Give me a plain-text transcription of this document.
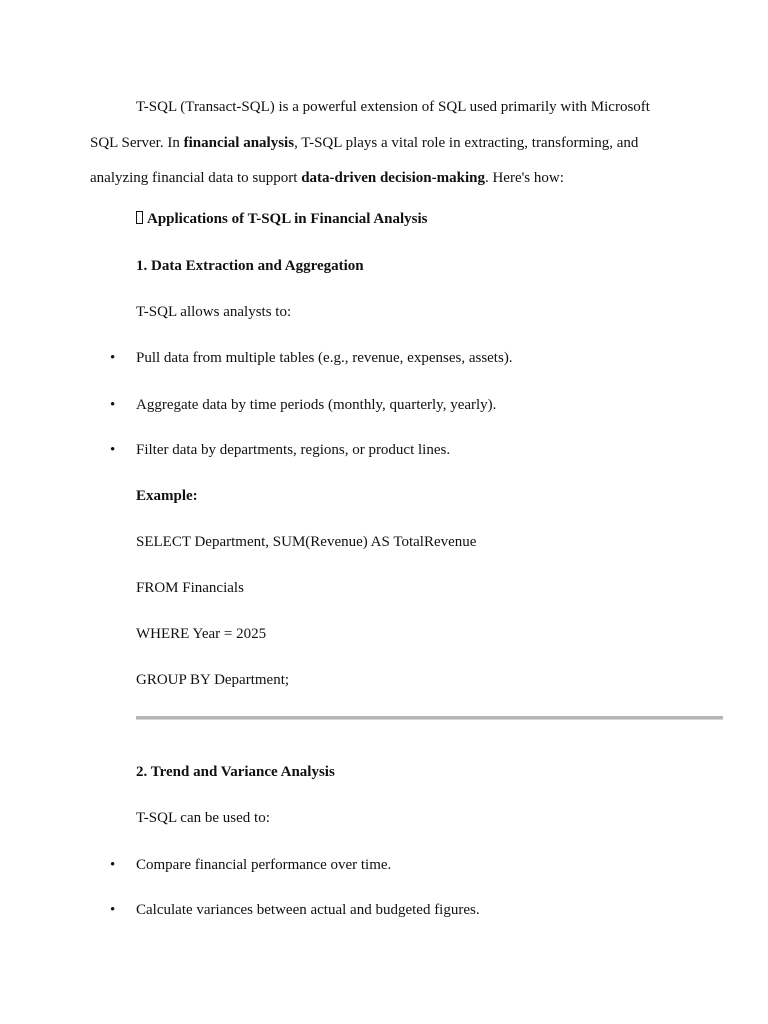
T-SQL (Transact-SQL) is a powerful extension of SQL used primarily with Microsoft SQL Server. In financial analysis, T-SQL plays a vital role in extracting, transforming, and analyzing financial data to support data-driven decision-making. Here's how:

Applications of T-SQL in Financial Analysis

1. Data Extraction and Aggregation

T-SQL allows analysts to:

• Pull data from multiple tables (e.g., revenue, expenses, assets).

• Aggregate data by time periods (monthly, quarterly, yearly).

• Filter data by departments, regions, or product lines.

Example:

SELECT Department, SUM(Revenue) AS TotalRevenue

FROM Financials

WHERE Year = 2025

GROUP BY Department;

2. Trend and Variance Analysis

T-SQL can be used to:

• Compare financial performance over time.

• Calculate variances between actual and budgeted figures.
